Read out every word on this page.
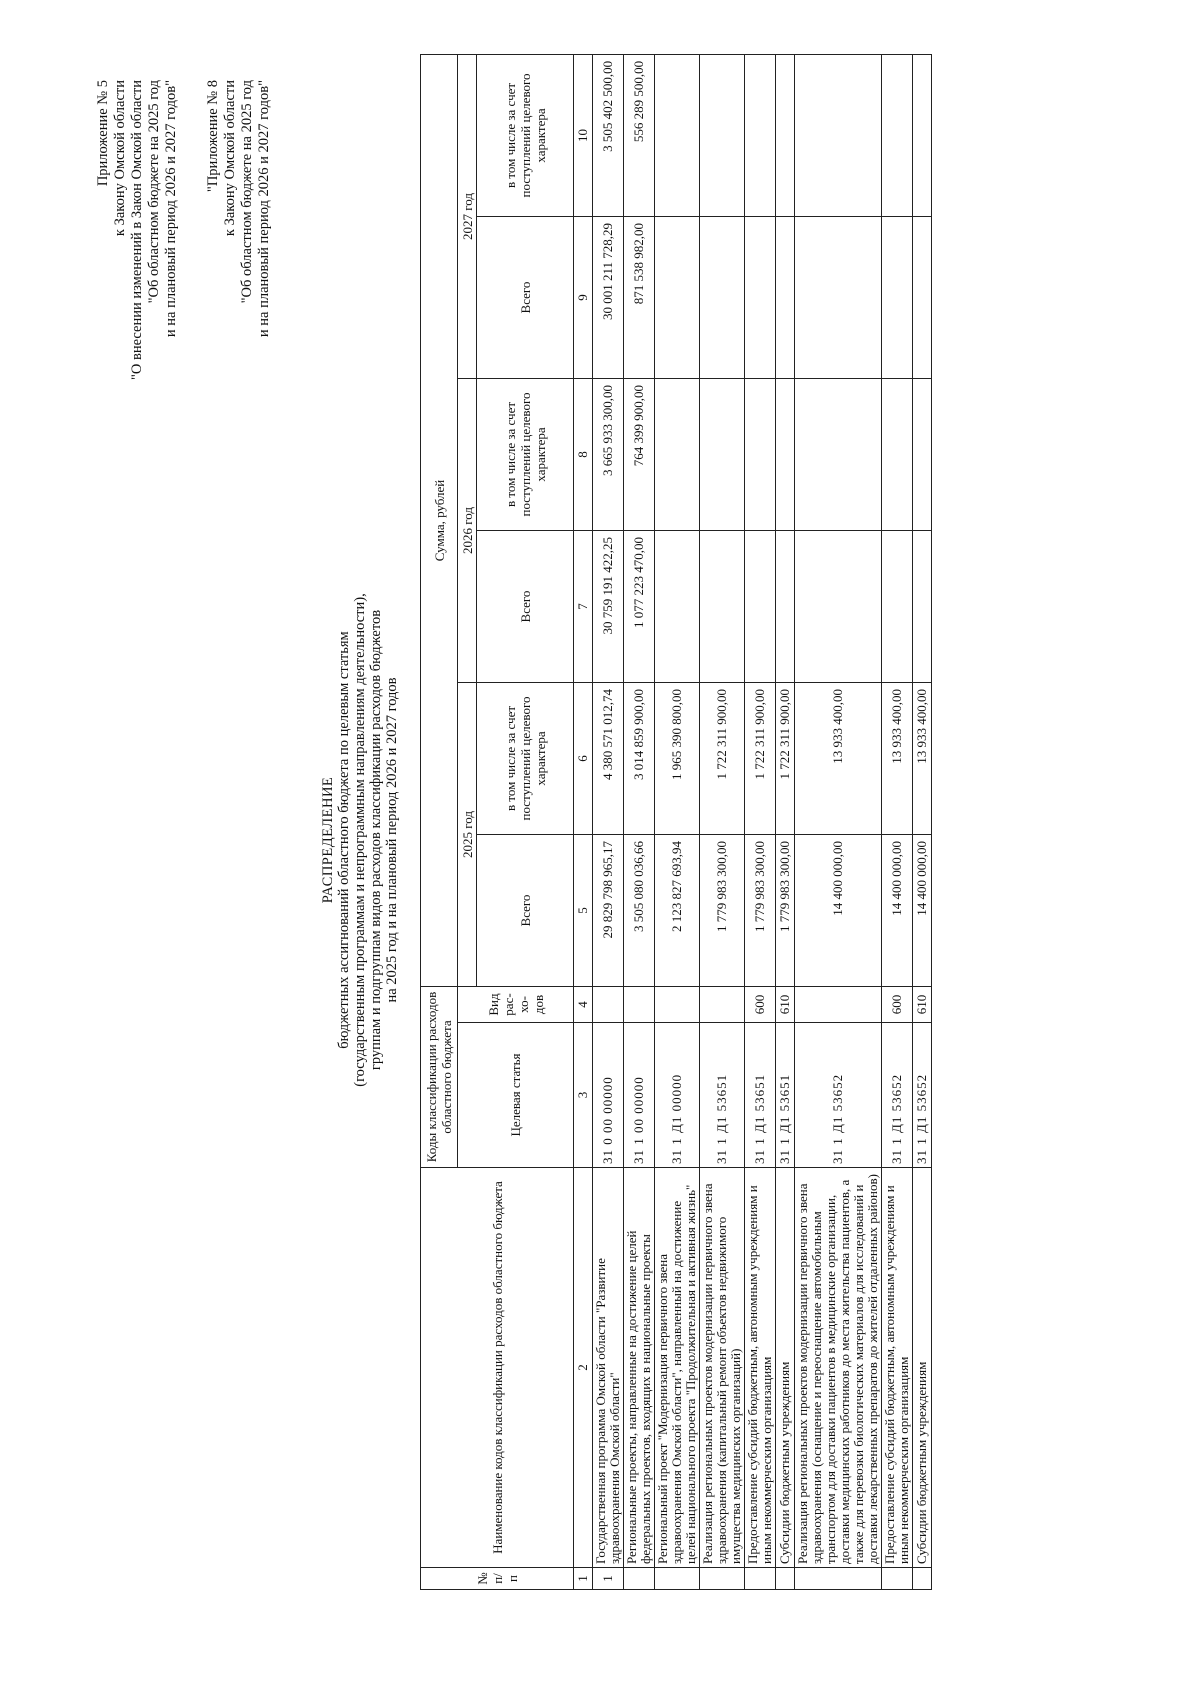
Приложение № 5 к Закону Омской области "О внесении изменений в Закон Омской области "Об областном бюджете на 2025 год и на плановый период 2026 и 2027 годов" "Приложение № 8 к Закону Омской области "Об областном бюджете на 2025 год и на плановый период 2026 и 2027 годов"
РАСПРЕДЕЛЕНИЕ бюджетных ассигнований областного бюджета по целевым статьям (государственным программам и непрограммным направлениям деятельности), группам и подгруппам видов расходов классификации расходов бюджетов на 2025 год и на плановый период 2026 и 2027 годов
№ п/п	Наименование кодов классификации расходов областного бюджета	Коды классификации расходов областного бюджета		Сумма, рублей					
		Целевая статья	Вид рас-хо-дов	2025 год		2026 год		2027 год	
				Всего	в том числе за счет поступлений целевого характера	Всего	в том числе за счет поступлений целевого характера	Всего	в том числе за счет поступлений целевого характера
1	2	3	4	5	6	7	8	9	10
1	Государственная программа Омской области "Развитие здравоохранения Омской области"	31 0 00 00000		29 829 798 965,17	4 380 571 012,74	30 759 191 422,25	3 665 933 300,00	30 001 211 728,29	3 505 402 500,00
	Региональные проекты, направленные на достижение целей федеральных проектов, входящих в национальные проекты	31 1 00 00000		3 505 080 036,66	3 014 859 900,00	1 077 223 470,00	764 399 900,00	871 538 982,00	556 289 500,00
	Региональный проект "Модернизация первичного звена здравоохранения Омской области", направленный на достижение целей национального проекта "Продолжительная и активная жизнь"	31 1 Д1 00000		2 123 827 693,94	1 965 390 800,00				
	Реализация региональных проектов модернизации первичного звена здравоохранения (капитальный ремонт объектов недвижимого имущества медицинских организаций)	31 1 Д1 53651		1 779 983 300,00	1 722 311 900,00				
	Предоставление субсидий бюджетным, автономным учреждениям и иным некоммерческим организациям	31 1 Д1 53651	600	1 779 983 300,00	1 722 311 900,00				
	Субсидии бюджетным учреждениям	31 1 Д1 53651	610	1 779 983 300,00	1 722 311 900,00				
	Реализация региональных проектов модернизации первичного звена здравоохранения (оснащение и переоснащение автомобильным транспортом для доставки пациентов в медицинские организации, доставки медицинских работников до места жительства пациентов, а также для перевозки биологических материалов для исследований и доставки лекарственных препаратов до жителей отдаленных районов)	31 1 Д1 53652		14 400 000,00	13 933 400,00				
	Предоставление субсидий бюджетным, автономным учреждениям и иным некоммерческим организациям	31 1 Д1 53652	600	14 400 000,00	13 933 400,00				
	Субсидии бюджетным учреждениям	31 1 Д1 53652	610	14 400 000,00	13 933 400,00				
